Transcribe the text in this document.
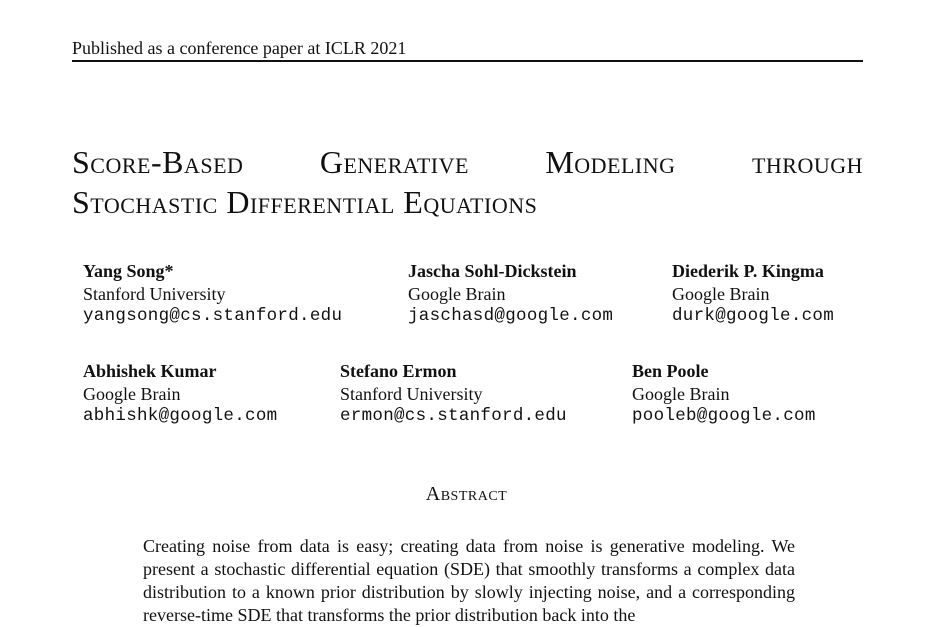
Published as a conference paper at ICLR 2021
Score-Based Generative Modeling through
Stochastic Differential Equations
Yang Song*
Stanford University
yangsong@cs.stanford.edu
Jascha Sohl-Dickstein
Google Brain
jaschasd@google.com
Diederik P. Kingma
Google Brain
durk@google.com
Abhishek Kumar
Google Brain
abhishk@google.com
Stefano Ermon
Stanford University
ermon@cs.stanford.edu
Ben Poole
Google Brain
pooleb@google.com
Abstract

Creating noise from data is easy; creating data from noise is generative modeling. We present a stochastic differential equation (SDE) that smoothly transforms a complex data distribution to a known prior distribution by slowly injecting noise, and a corresponding reverse-time SDE that transforms the prior distribution back into the
